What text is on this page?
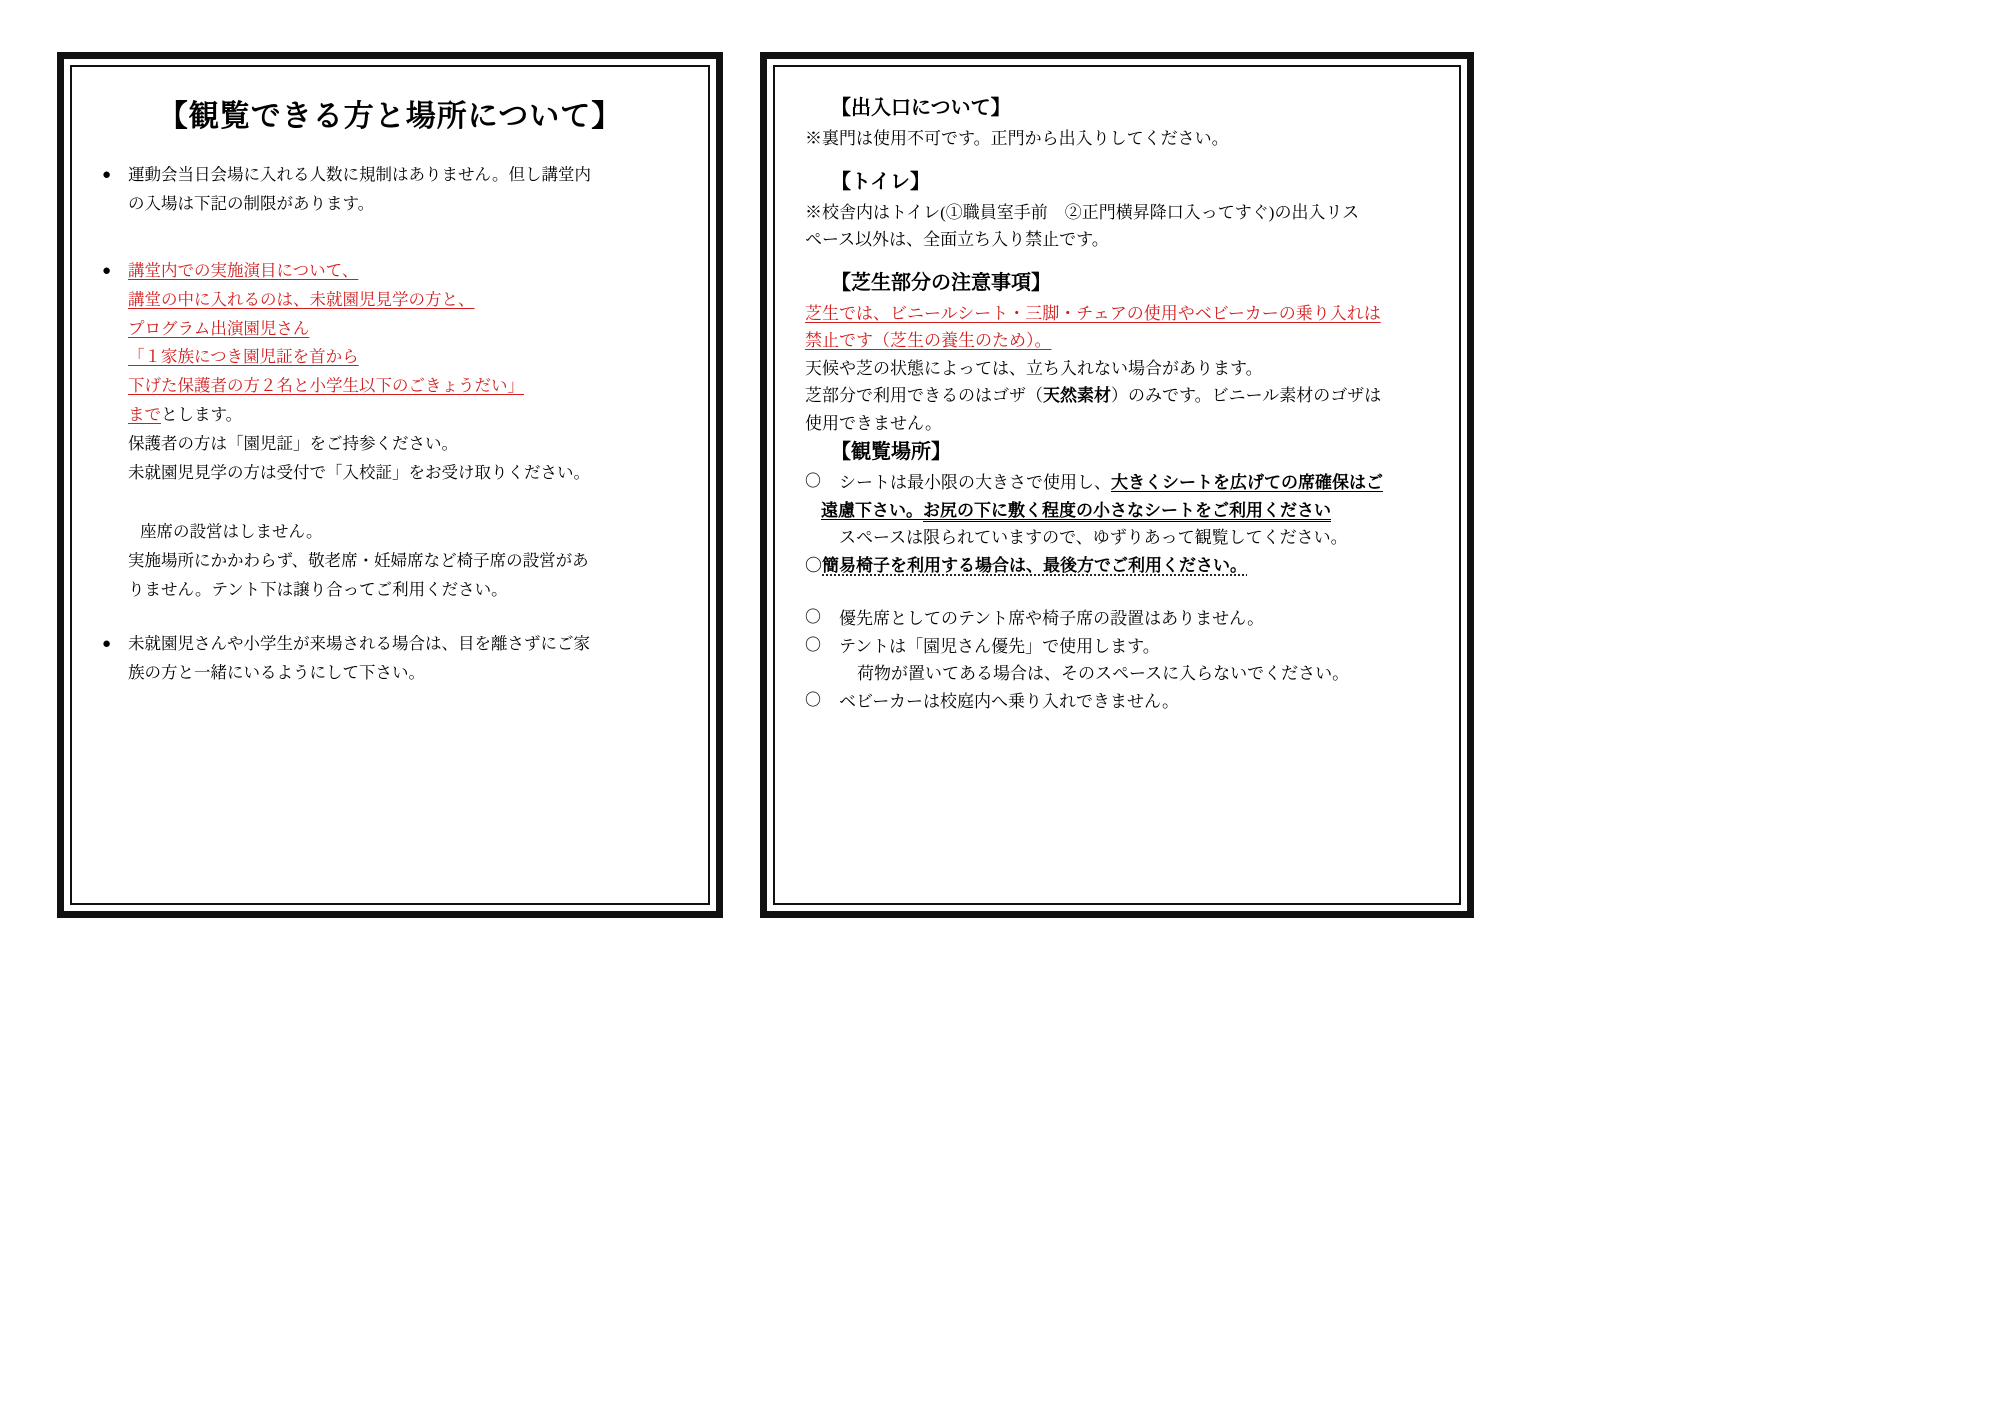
【観覧できる方と場所について】
●	運動会当日会場に入れる人数に規制はありません。但し講堂内
の入場は下記の制限があります。
●	講堂内での実施演目について、
講堂の中に入れるのは、未就園児見学の方と、
プログラム出演園児さん
「１家族につき園児証を首から
下げた保護者の方２名と小学生以下のごきょうだい」
までとします。
保護者の方は「園児証」をご持参ください。
未就園児見学の方は受付で「入校証」をお受け取りください。
座席の設営はしません。
実施場所にかかわらず、敬老席・妊婦席など椅子席の設営があ
りません。テント下は譲り合ってご利用ください。
●	未就園児さんや小学生が来場される場合は、目を離さずにご家
族の方と一緒にいるようにして下さい。
【出入口について】
※裏門は使用不可です。正門から出入りしてください。
【トイレ】
※校舎内はトイレ(①職員室手前　②正門横昇降口入ってすぐ)の出入リス
ペース以外は、全面立ち入り禁止です。
【芝生部分の注意事項】
芝生では、ビニールシート・三脚・チェアの使用やベビーカーの乗り入れは
禁止です（芝生の養生のため）。
天候や芝の状態によっては、立ち入れない場合があります。
芝部分で利用できるのはゴザ（天然素材）のみです。ビニール素材のゴザは
使用できません。
【観覧場所】
〇	シートは最小限の大きさで使用し、大きくシートを広げての席確保はご
遠慮下さい。お尻の下に敷く程度の小さなシートをご利用ください
スペースは限られていますので、ゆずりあって観覧してください。
〇簡易椅子を利用する場合は、最後方でご利用ください。
〇	優先席としてのテント席や椅子席の設置はありません。
〇	テントは「園児さん優先」で使用します。
荷物が置いてある場合は、そのスペースに入らないでください。
〇	ベビーカーは校庭内へ乗り入れできません。
